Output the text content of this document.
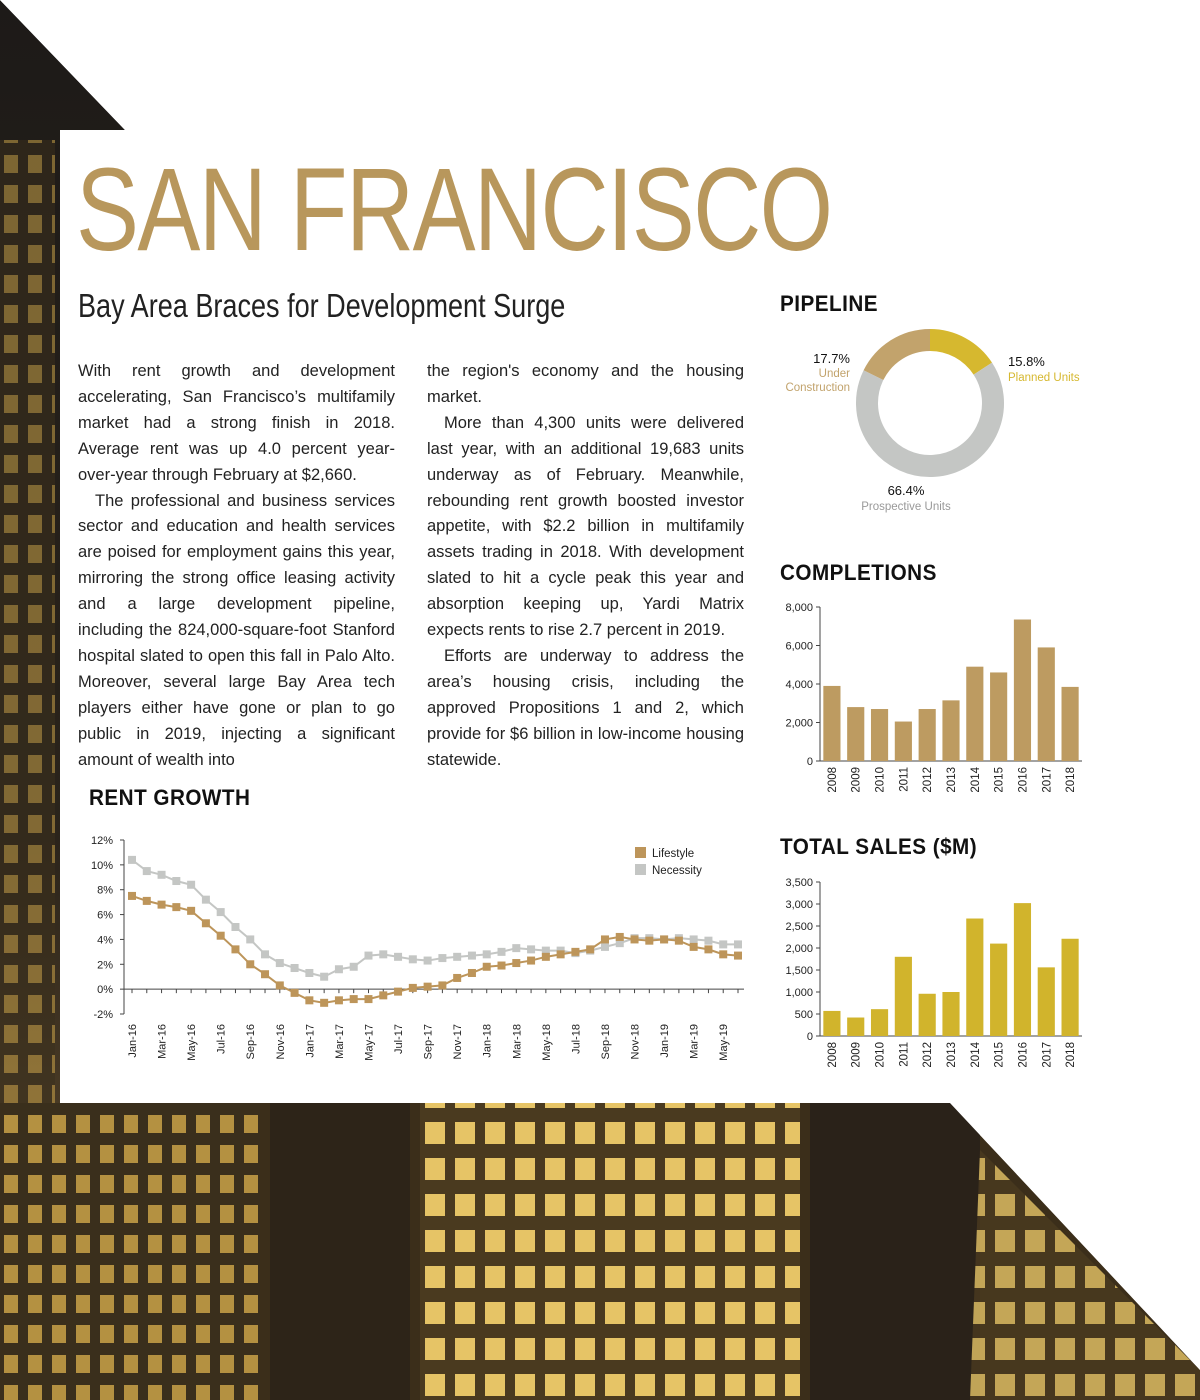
SAN FRANCISCO
Bay Area Braces for Development Surge

With rent growth and development accelerating, San Francisco’s multifamily market had a strong finish in 2018. Average rent was up 4.0 percent year-over-year through February at $2,660.

The professional and business services sector and education and health services are poised for employment gains this year, mirroring the strong office leasing activity and a large development pipeline, including the 824,000-square-foot Stanford hospital slated to open this fall in Palo Alto. Moreover, several large Bay Area tech players either have gone or plan to go public in 2019, injecting a significant amount of wealth into

the region's economy and the housing market.

More than 4,300 units were delivered last year, with an additional 19,683 units underway as of February. Meanwhile, rebounding rent growth boosted investor appetite, with $2.2 billion in multifamily assets trading in 2018. With development slated to hit a cycle peak this year and absorption keeping up, Yardi Matrix expects rents to rise 2.7 percent in 2019.

Efforts are underway to address the area’s housing crisis, including the approved Propositions 1 and 2, which provide for $6 billion in low-income housing statewide.

PIPELINE
COMPLETIONS
TOTAL SALES ($M)
RENT GROWTH
15.8%
Planned Units
66.4%
Prospective Units
17.7%
Under
Construction
8,000
6,000
4,000
2,000
0
2008 2009 2010 2011 2012 2013 2014 2015 2016 2017 2018
3,500
3,000
2,500
2,000
1,500
1,000
500
0
2008 2009 2010 2011 2012 2013 2014 2015 2016 2017 2018
12%
10%
8%
6%
4%
2%
0%
-2%
Jan-16 Mar-16 May-16 Jul-16 Sep-16 Nov-16 Jan-17 Mar-17 May-17 Jul-17 Sep-17 Nov-17 Jan-18 Mar-18 May-18 Jul-18 Sep-18 Nov-18 Jan-19 Mar-19 May-19
Lifestyle
Necessity
